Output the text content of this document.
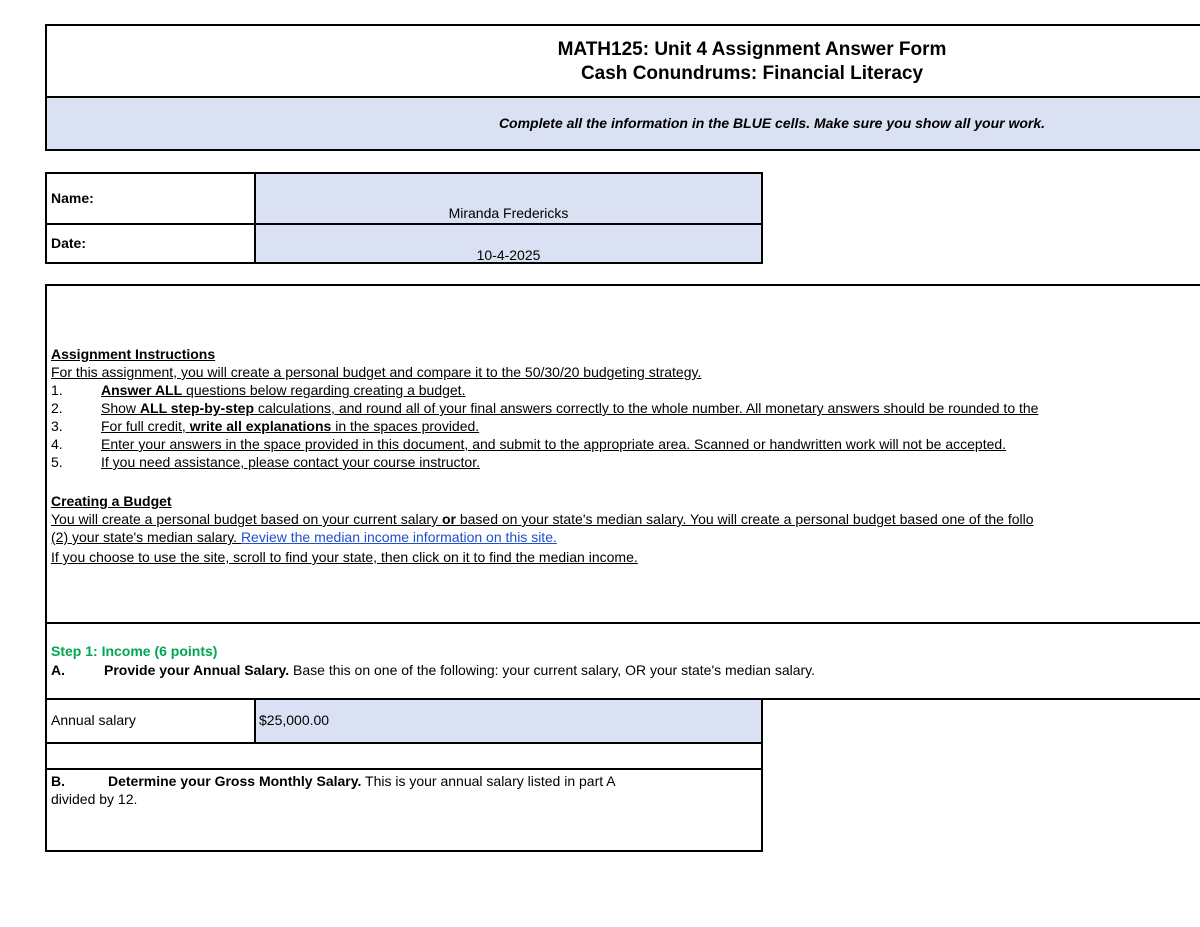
MATH125: Unit 4 Assignment Answer Form
Cash Conundrums: Financial Literacy
Complete all the information in the BLUE cells. Make sure you show all your work.
Name:
Miranda Fredericks
Date:
10-4-2025
Assignment Instructions
For this assignment, you will create a personal budget and compare it to the 50/30/20 budgeting strategy.
1.	Answer ALL questions below regarding creating a budget.
2.	Show ALL step-by-step calculations, and round all of your final answers correctly to the whole number. All monetary answers should be rounded to the
3.	For full credit, write all explanations in the spaces provided.
4.	Enter your answers in the space provided in this document, and submit to the appropriate area. Scanned or handwritten work will not be accepted.
5.	If you need assistance, please contact your course instructor.
Creating a Budget
You will create a personal budget based on your current salary or based on your state's median salary. You will create a personal budget based one of the follo
(2) your state's median salary. Review the median income information on this site.
If you choose to use the site, scroll to find your state, then click on it to find the median income.
Step 1: Income (6 points)
A.	Provide your Annual Salary. Base this on one of the following: your current salary, OR your state's median salary.
Annual salary	$25,000.00
B.	Determine your Gross Monthly Salary. This is your annual salary listed in part A
divided by 12.
